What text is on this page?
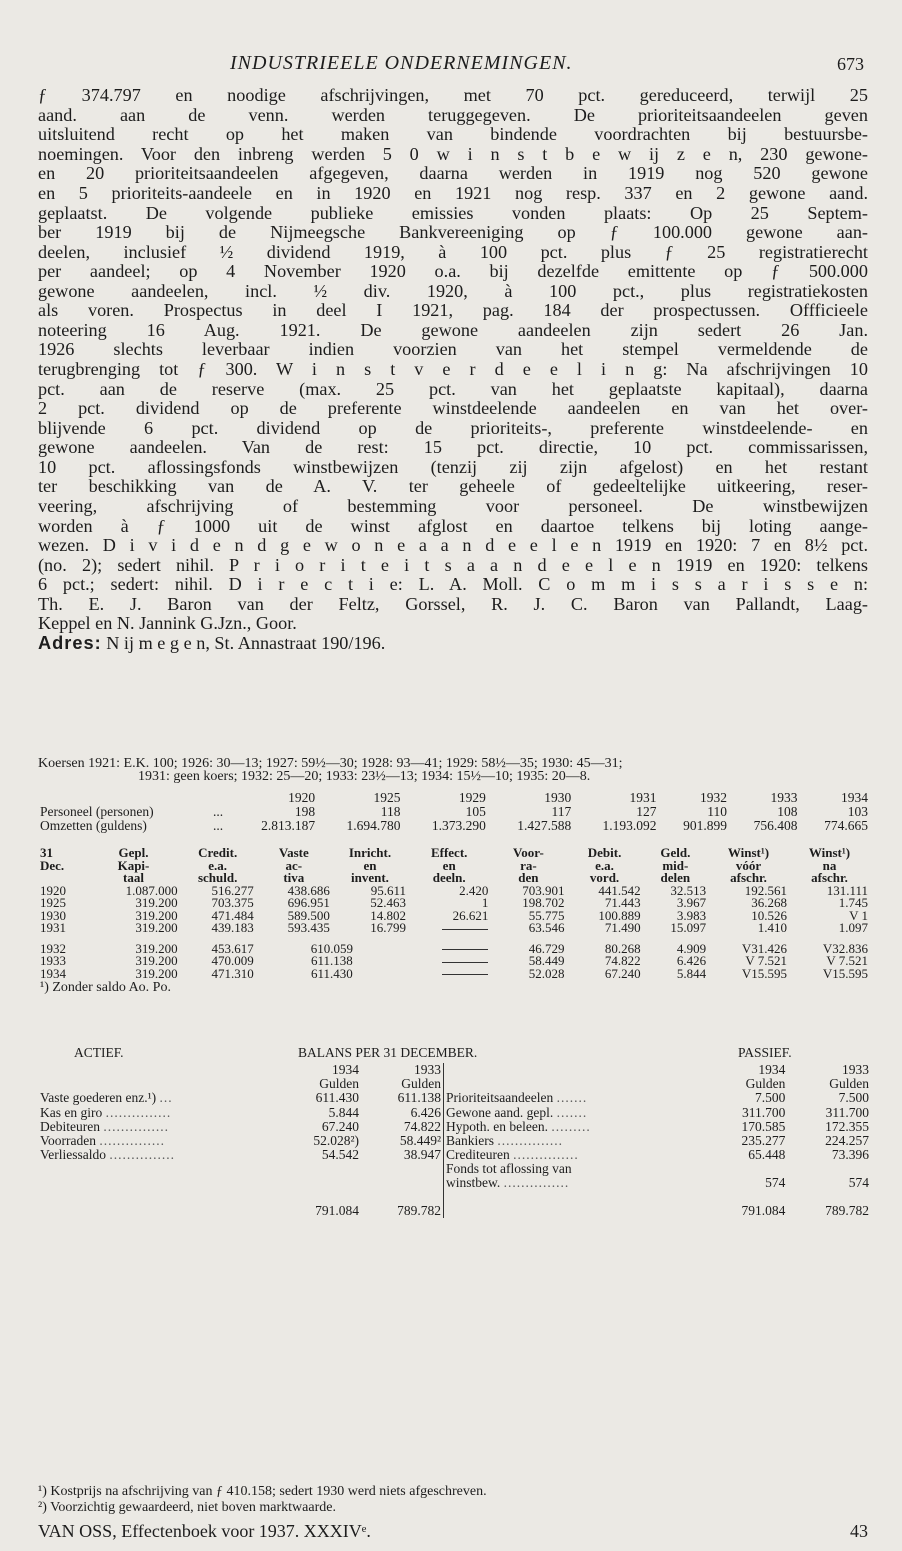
INDUSTRIEELE ONDERNEMINGEN.	673
ƒ 374.797 en noodige afschrijvingen, met 70 pct. gereduceerd, terwijl 25
aand. aan de venn. werden teruggegeven. De prioriteitsaandeelen geven
uitsluitend recht op het maken van bindende voordrachten bij bestuursbe-
noemingen. Voor den inbreng werden 5 0 w i n s t b e w ij z e n, 230 gewone-
en 20 prioriteitsaandeelen afgegeven, daarna werden in 1919 nog 520 gewone
en 5 prioriteits-aandeele en in 1920 en 1921 nog resp. 337 en 2 gewone aand.
geplaatst. De volgende publieke emissies vonden plaats: Op 25 Septem-
ber 1919 bij de Nijmeegsche Bankvereeniging op ƒ 100.000 gewone aan-
deelen, inclusief ½ dividend 1919, à 100 pct. plus ƒ 25 registratierecht
per aandeel; op 4 November 1920 o.a. bij dezelfde emittente op ƒ 500.000
gewone aandeelen, incl. ½ div. 1920, à 100 pct., plus registratiekosten
als voren. Prospectus in deel I 1921, pag. 184 der prospectussen. Offficieele
noteering 16 Aug. 1921. De gewone aandeelen zijn sedert 26 Jan.
1926 slechts leverbaar indien voorzien van het stempel vermeldende de
terugbrenging tot ƒ 300. W i n s t v e r d e e l i n g: Na afschrijvingen 10
pct. aan de reserve (max. 25 pct. van het geplaatste kapitaal), daarna
2 pct. dividend op de preferente winstdeelende aandeelen en van het over-
blijvende 6 pct. dividend op de prioriteits-, preferente winstdeelende- en
gewone aandeelen. Van de rest: 15 pct. directie, 10 pct. commissarissen,
10 pct. aflossingsfonds winstbewijzen (tenzij zij zijn afgelost) en het restant
ter beschikking van de A. V. ter geheele of gedeeltelijke uitkeering, reser-
veering, afschrijving of bestemming voor personeel. De winstbewijzen
worden à ƒ 1000 uit de winst afglost en daartoe telkens bij loting aange-
wezen. D i v i d e n d g e w o n e a a n d e e l e n 1919 en 1920: 7 en 8½ pct.
(no. 2); sedert nihil. P r i o r i t e i t s a a n d e e l e n 1919 en 1920: telkens
6 pct.; sedert: nihil. D i r e c t i e: L. A. Moll. C o m m i s s a r i s s e n:
Th. E. J. Baron van der Feltz, Gorssel, R. J. C. Baron van Pallandt, Laag-
Keppel en N. Jannink G.Jzn., Goor.
Adres: N ij m e g e n, St. Annastraat 190/196.
Koersen 1921: E.K. 100; 1926: 30—13; 1927: 59½—30; 1928: 93—41; 1929: 58½—35; 1930: 45—31;
1931: geen koers; 1932: 25—20; 1933: 23½—13; 1934: 15½—10; 1935: 20—8.
		1920	1925	1929	1930	1931	1932	1933	1934
Personeel (personen)	...	198	118	105	117	127	110	108	103
Omzetten (guldens)	...	2.813.187	1.694.780	1.373.290	1.427.588	1.193.092	901.899	756.408	774.665
31	Gepl.	Credit.	Vaste	Inricht.	Effect.	Voor-	Debit.	Geld.	Winst¹)	Winst¹)
Dec.	Kapi-	e.a.	ac-	en	en	ra-	e.a.	mid-	vóór	na
	taal	schuld.	tiva	invent.	deeln.	den	vord.	delen	afschr.	afschr.
1920	1.087.000	516.277	438.686	95.611	2.420	703.901	441.542	32.513	192.561	131.111
1925	319.200	703.375	696.951	52.463	1	198.702	71.443	3.967	36.268	1.745
1930	319.200	471.484	589.500	14.802	26.621	55.775	100.889	3.983	10.526	V 1
1931	319.200	439.183	593.435	16.799		63.546	71.490	15.097	1.410	1.097

1932	319.200	453.617	610.059			46.729	80.268	4.909	V31.426	V32.836
1933	319.200	470.009	611.138			58.449	74.822	6.426	V 7.521	V 7.521
1934	319.200	471.310	611.430			52.028	67.240	5.844	V15.595	V15.595
¹) Zonder saldo Ao. Po.										
ACTIEF.	BALANS PER 31 DECEMBER.	PASSIEF.
	1934	1933
	Gulden	Gulden
Vaste goederen enz.¹) ...	611.430	611.138
Kas en giro ...............	5.844	6.426
Debiteuren ...............	67.240	74.822
Voorraden ...............	52.028²)	58.449²
Verliessaldo ...............	54.542	38.947

	791.084	789.782
	1934	1933
	Gulden	Gulden
Prioriteitsaandeelen .......	7.500	7.500
Gewone aand. gepl. .......	311.700	311.700
Hypoth. en beleen. .........	170.585	172.355
Bankiers ...............	235.277	224.257
Crediteuren ...............	65.448	73.396
Fonds tot aflossing van		
winstbew. ...............	574	574

	791.084	789.782
¹) Kostprijs na afschrijving van ƒ 410.158; sedert 1930 werd niets afgeschreven.
²) Voorzichtig gewaardeerd, niet boven marktwaarde.
VAN OSS, Effectenboek voor 1937. XXXIVᵉ.	43
